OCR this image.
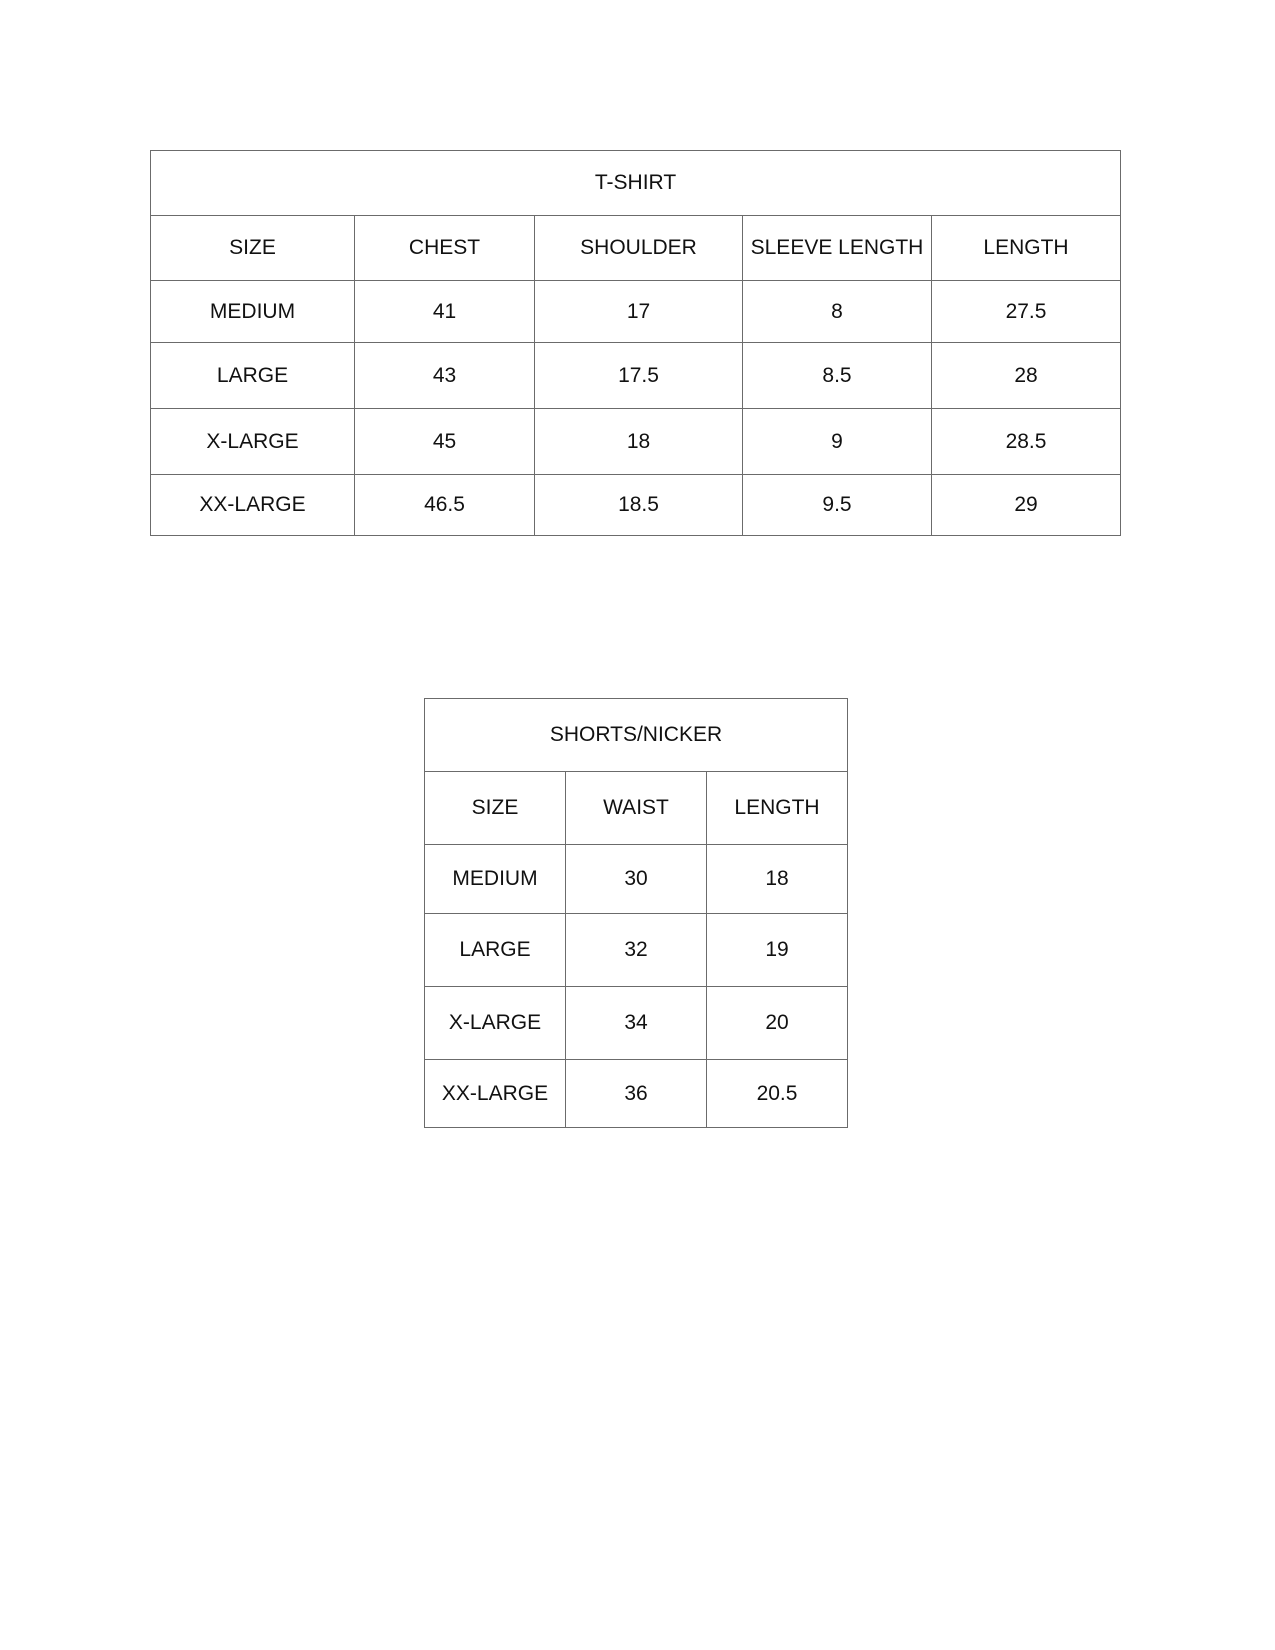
T-SHIRT				
SIZE	CHEST	SHOULDER	SLEEVE LENGTH	LENGTH
MEDIUM	41	17	8	27.5
LARGE	43	17.5	8.5	28
X-LARGE	45	18	9	28.5
XX-LARGE	46.5	18.5	9.5	29
SHORTS/NICKER		
SIZE	WAIST	LENGTH
MEDIUM	30	18
LARGE	32	19
X-LARGE	34	20
XX-LARGE	36	20.5
